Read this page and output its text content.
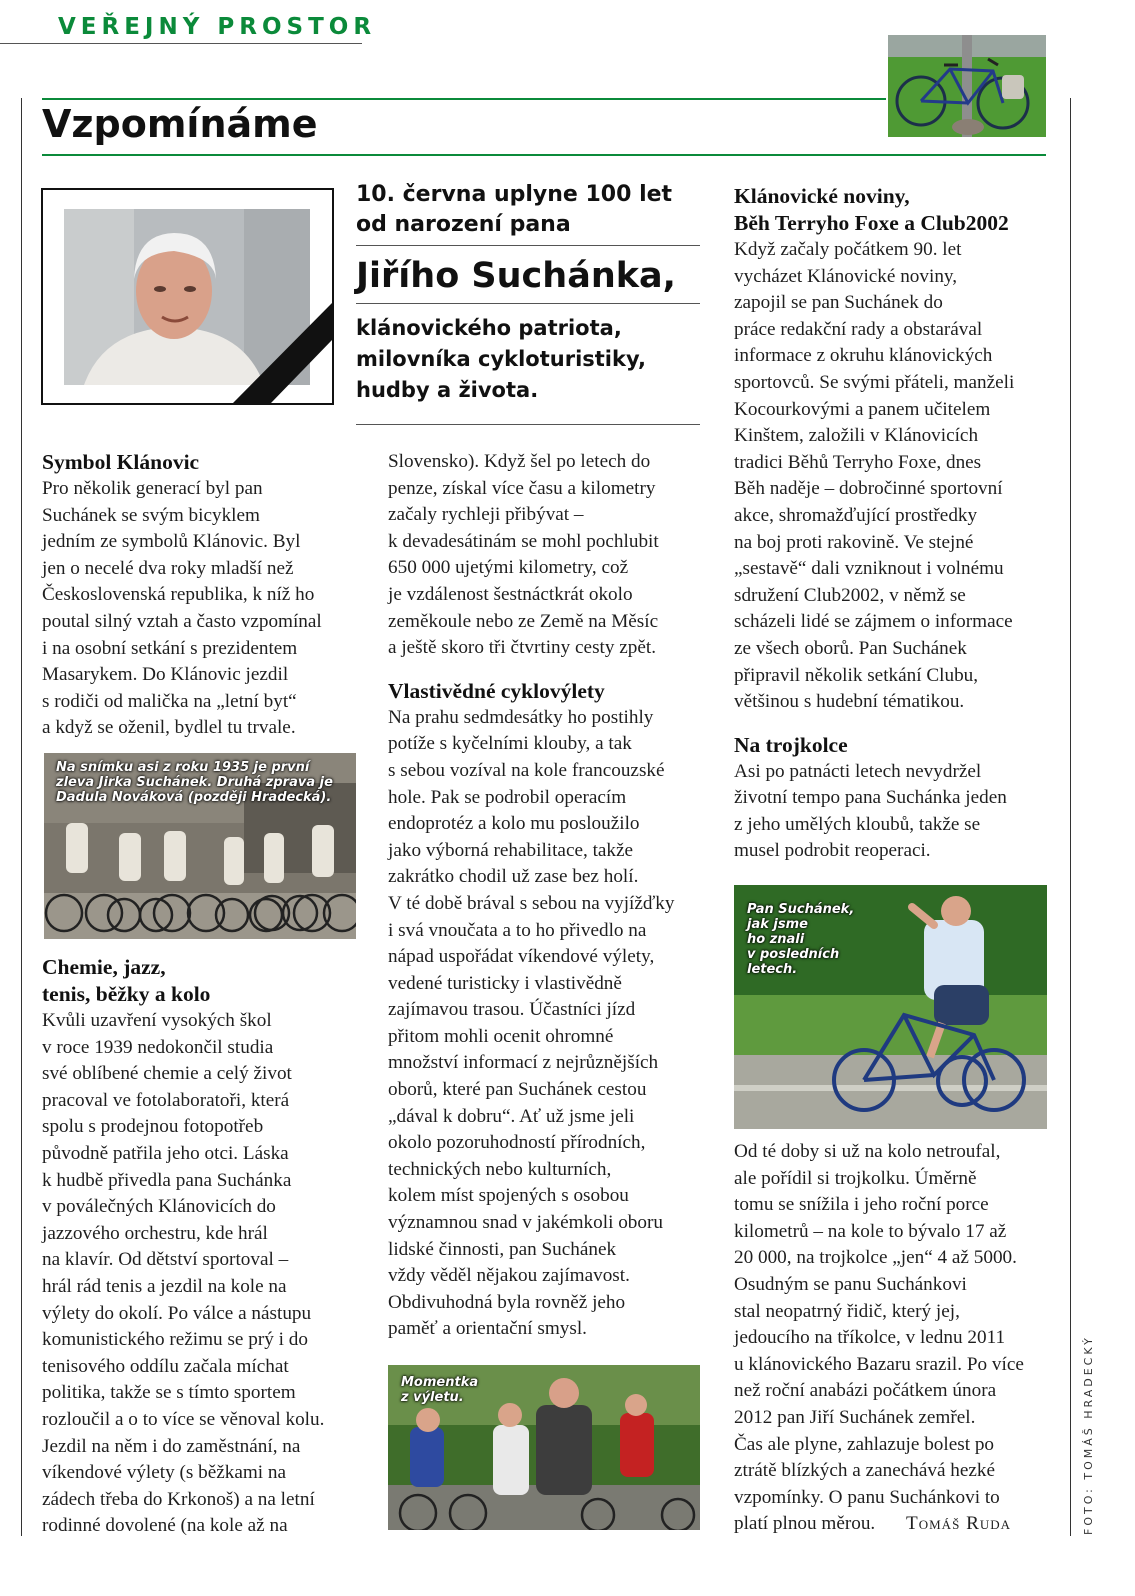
VEŘEJNÝ PROSTOR
Vzpomínáme
10. června uplyne 100 let
od narození pana
Jiřího Suchánka,
klánovického patriota,
milovníka cykloturistiky,
hudby a života.
Symbol Klánovic

Pro několik generací byl pan
Suchánek se svým bicyklem
jedním ze symbolů Klánovic. Byl
jen o necelé dva roky mladší než
Československá republika, k níž ho
poutal silný vztah a často vzpomínal
i na osobní setkání s prezidentem
Masarykem. Do Klánovic jezdil
s rodiči od malička na „letní byt“
a když se oženil, bydlel tu trvale.

Na snímku asi z roku 1935 je první
zleva Jirka Suchánek. Druhá zprava je
Dadula Nováková (později Hradecká).
Chemie, jazz,
tenis, běžky a kolo

Kvůli uzavření vysokých škol
v roce 1939 nedokončil studia
své oblíbené chemie a celý život
pracoval ve fotolaboratoři, která
spolu s prodejnou fotopotřeb
původně patřila jeho otci. Láska
k hudbě přivedla pana Suchánka
v poválečných Klánovicích do
jazzového orchestru, kde hrál
na klavír. Od dětství sportoval –
hrál rád tenis a jezdil na kole na
výlety do okolí. Po válce a nástupu
komunistického režimu se prý i do
tenisového oddílu začala míchat
politika, takže se s tímto sportem
rozloučil a o to více se věnoval kolu.
Jezdil na něm i do zaměstnání, na
víkendové výlety (s běžkami na
zádech třeba do Krkonoš) a na letní
rodinné dovolené (na kole až na

Slovensko). Když šel po letech do
penze, získal více času a kilometry
začaly rychleji přibývat –
k devadesátinám se mohl pochlubit
650 000 ujetými kilometry, což
je vzdálenost šestnáctkrát okolo
zeměkoule nebo ze Země na Měsíc
a ještě skoro tři čtvrtiny cesty zpět.

Vlastivědné cyklovýlety

Na prahu sedmdesátky ho postihly
potíže s kyčelními klouby, a tak
s sebou vozíval na kole francouzské
hole. Pak se podrobil operacím
endoprotéz a kolo mu posloužilo
jako výborná rehabilitace, takže
zakrátko chodil už zase bez holí.
V té době brával s sebou na vyjížďky
i svá vnoučata a to ho přivedlo na
nápad uspořádat víkendové výlety,
vedené turisticky i vlastivědně
zajímavou trasou. Účastníci jízd
přitom mohli ocenit ohromné
množství informací z nejrůznějších
oborů, které pan Suchánek cestou
„dával k dobru“. Ať už jsme jeli
okolo pozoruhodností přírodních,
technických nebo kulturních,
kolem míst spojených s osobou
významnou snad v jakémkoli oboru
lidské činnosti, pan Suchánek
vždy věděl nějakou zajímavost.
Obdivuhodná byla rovněž jeho
paměť a orientační smysl.

Momentka
z výletu.
Klánovické noviny,
Běh Terryho Foxe a Club2002

Když začaly počátkem 90. let
vycházet Klánovické noviny,
zapojil se pan Suchánek do
práce redakční rady a obstarával
informace z okruhu klánovických
sportovců. Se svými přáteli, manželi
Kocourkovými a panem učitelem
Kinštem, založili v Klánovicích
tradici Běhů Terryho Foxe, dnes
Běh naděje – dobročinné sportovní
akce, shromažďující prostředky
na boj proti rakovině. Ve stejné
„sestavě“ dali vzniknout i volnému
sdružení Club2002, v němž se
scházeli lidé se zájmem o informace
ze všech oborů. Pan Suchánek
připravil několik setkání Clubu,
většinou s hudební tématikou.

Na trojkolce

Asi po patnácti letech nevydržel
životní tempo pana Suchánka jeden
z jeho umělých kloubů, takže se
musel podrobit reoperaci.

Pan Suchánek,
jak jsme
ho znali
v posledních
letech.

Od té doby si už na kolo netroufal,
ale pořídil si trojkolku. Úměrně
tomu se snížila i jeho roční porce
kilometrů – na kole to bývalo 17 až
20 000, na trojkolce „jen“ 4 až 5000.
Osudným se panu Suchánkovi
stal neopatrný řidič, který jej,
jedoucího na tříkolce, v lednu 2011
u klánovického Bazaru srazil. Po více
než roční anabázi počátkem února
2012 pan Jiří Suchánek zemřel.
Čas ale plyne, zahlazuje bolest po
ztrátě blízkých a zanechává hezké
vzpomínky. O panu Suchánkovi to
platí plnou měrou. Tomáš Ruda	FOTO: TOMÁŠ HRADECKÝ
